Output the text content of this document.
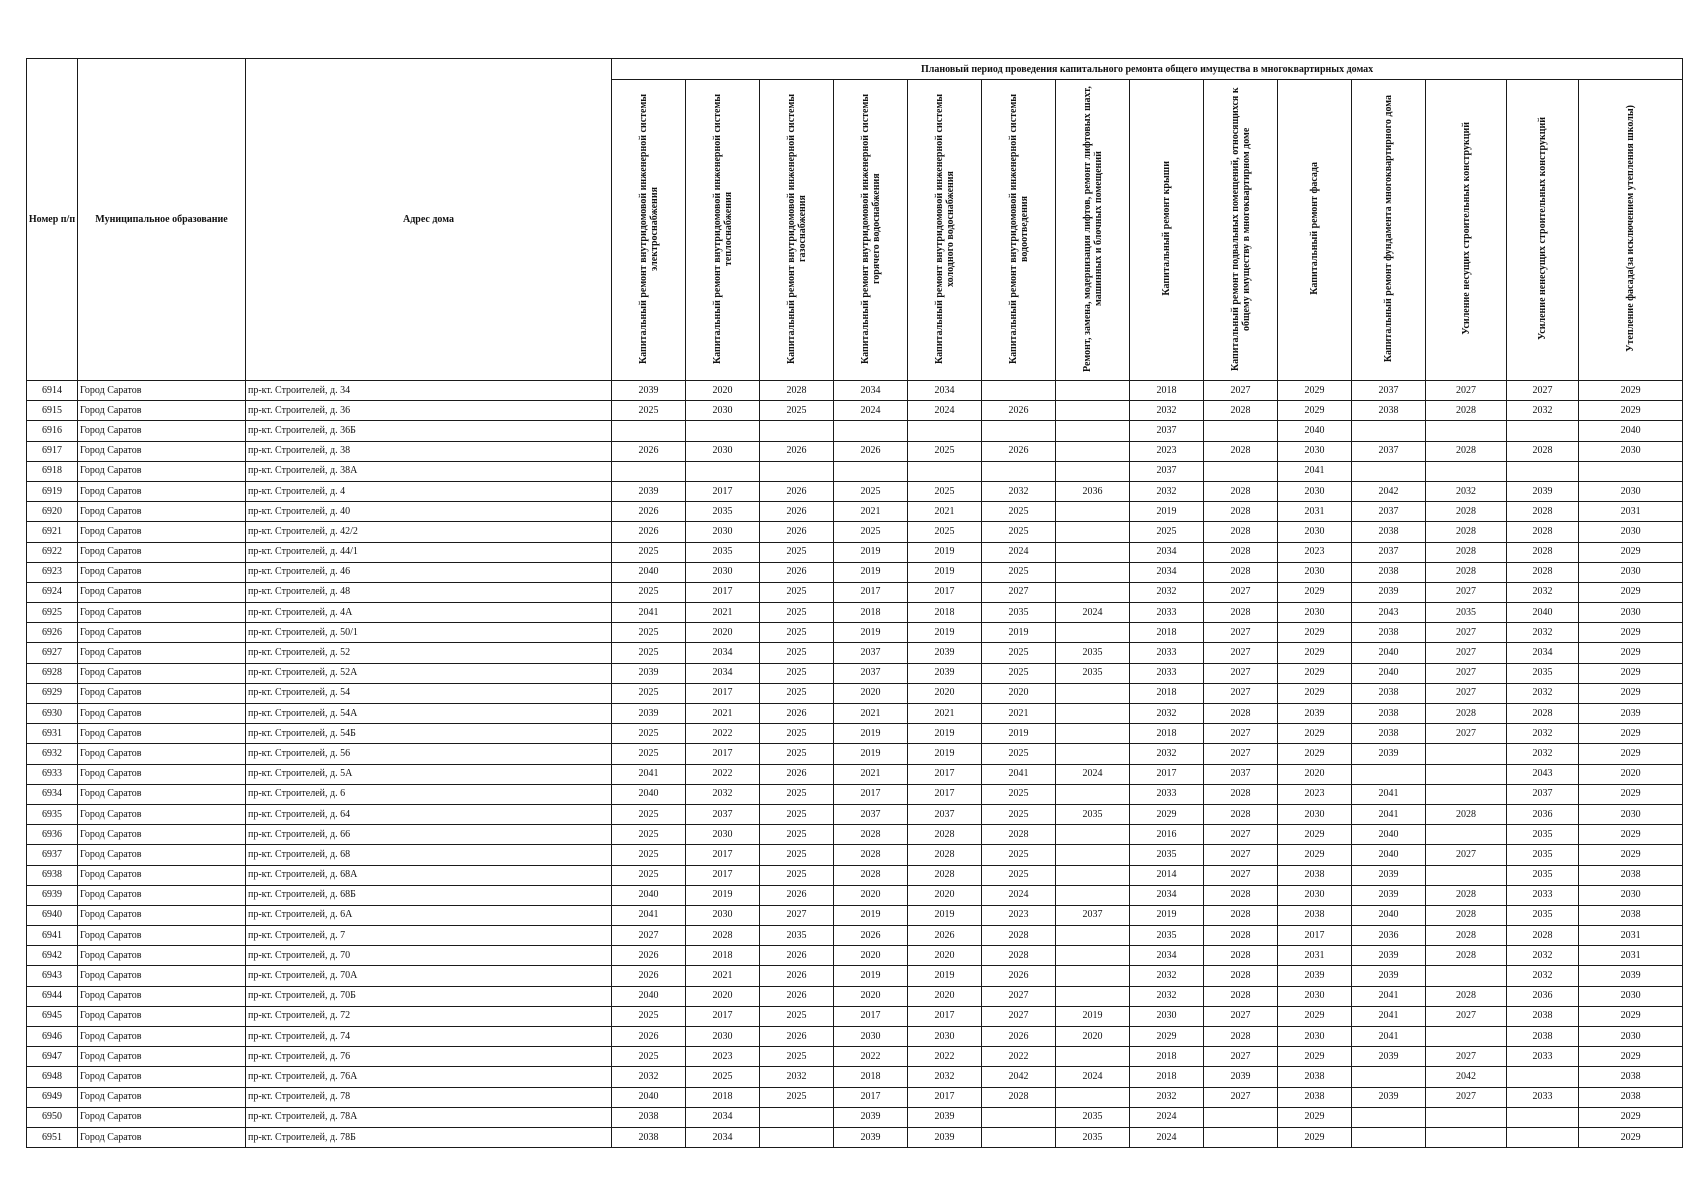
Номер п/п	Муниципальное образование	Адрес дома	Плановый период проведения капитального ремонта общего имущества в многоквартирных домах													
			Капитальный ремонт внутридомовой инженерной системы электроснабжения	Капитальный ремонт внутридомовой инженерной системы теплоснабжения	Капитальный ремонт внутридомовой инженерной системы газоснабжения	Капитальный ремонт внутридомовой инженерной системы горячего водоснабжения	Капитальный ремонт внутридомовой инженерной системы холодного водоснабжения	Капитальный ремонт внутридомовой инженерной системы водоотведения	Ремонт, замена, модернизация лифтов, ремонт лифтовых шахт, машинных и блочных помещений	Капитальный ремонт крыши	Капитальный ремонт подвальных помещений, относящихся к общему имуществу в многоквартирном доме	Капитальный ремонт фасада	Капитальный ремонт фундамента многоквартирного дома	Усиление несущих строительных конструкций	Усиление ненесущих строительных конструкций	Утепление фасада(за исключением утепления школы)
6914	Город Саратов	пр-кт. Строителей, д. 34	2039	2020	2028	2034	2034			2018	2027	2029	2037	2027	2027	2029
6915	Город Саратов	пр-кт. Строителей, д. 36	2025	2030	2025	2024	2024	2026		2032	2028	2029	2038	2028	2032	2029
6916	Город Саратов	пр-кт. Строителей, д. 36Б								2037		2040				2040
6917	Город Саратов	пр-кт. Строителей, д. 38	2026	2030	2026	2026	2025	2026		2023	2028	2030	2037	2028	2028	2030
6918	Город Саратов	пр-кт. Строителей, д. 38А								2037		2041				
6919	Город Саратов	пр-кт. Строителей, д. 4	2039	2017	2026	2025	2025	2032	2036	2032	2028	2030	2042	2032	2039	2030
6920	Город Саратов	пр-кт. Строителей, д. 40	2026	2035	2026	2021	2021	2025		2019	2028	2031	2037	2028	2028	2031
6921	Город Саратов	пр-кт. Строителей, д. 42/2	2026	2030	2026	2025	2025	2025		2025	2028	2030	2038	2028	2028	2030
6922	Город Саратов	пр-кт. Строителей, д. 44/1	2025	2035	2025	2019	2019	2024		2034	2028	2023	2037	2028	2028	2029
6923	Город Саратов	пр-кт. Строителей, д. 46	2040	2030	2026	2019	2019	2025		2034	2028	2030	2038	2028	2028	2030
6924	Город Саратов	пр-кт. Строителей, д. 48	2025	2017	2025	2017	2017	2027		2032	2027	2029	2039	2027	2032	2029
6925	Город Саратов	пр-кт. Строителей, д. 4А	2041	2021	2025	2018	2018	2035	2024	2033	2028	2030	2043	2035	2040	2030
6926	Город Саратов	пр-кт. Строителей, д. 50/1	2025	2020	2025	2019	2019	2019		2018	2027	2029	2038	2027	2032	2029
6927	Город Саратов	пр-кт. Строителей, д. 52	2025	2034	2025	2037	2039	2025	2035	2033	2027	2029	2040	2027	2034	2029
6928	Город Саратов	пр-кт. Строителей, д. 52А	2039	2034	2025	2037	2039	2025	2035	2033	2027	2029	2040	2027	2035	2029
6929	Город Саратов	пр-кт. Строителей, д. 54	2025	2017	2025	2020	2020	2020		2018	2027	2029	2038	2027	2032	2029
6930	Город Саратов	пр-кт. Строителей, д. 54А	2039	2021	2026	2021	2021	2021		2032	2028	2039	2038	2028	2028	2039
6931	Город Саратов	пр-кт. Строителей, д. 54Б	2025	2022	2025	2019	2019	2019		2018	2027	2029	2038	2027	2032	2029
6932	Город Саратов	пр-кт. Строителей, д. 56	2025	2017	2025	2019	2019	2025		2032	2027	2029	2039		2032	2029
6933	Город Саратов	пр-кт. Строителей, д. 5А	2041	2022	2026	2021	2017	2041	2024	2017	2037	2020			2043	2020
6934	Город Саратов	пр-кт. Строителей, д. 6	2040	2032	2025	2017	2017	2025		2033	2028	2023	2041		2037	2029
6935	Город Саратов	пр-кт. Строителей, д. 64	2025	2037	2025	2037	2037	2025	2035	2029	2028	2030	2041	2028	2036	2030
6936	Город Саратов	пр-кт. Строителей, д. 66	2025	2030	2025	2028	2028	2028		2016	2027	2029	2040		2035	2029
6937	Город Саратов	пр-кт. Строителей, д. 68	2025	2017	2025	2028	2028	2025		2035	2027	2029	2040	2027	2035	2029
6938	Город Саратов	пр-кт. Строителей, д. 68А	2025	2017	2025	2028	2028	2025		2014	2027	2038	2039		2035	2038
6939	Город Саратов	пр-кт. Строителей, д. 68Б	2040	2019	2026	2020	2020	2024		2034	2028	2030	2039	2028	2033	2030
6940	Город Саратов	пр-кт. Строителей, д. 6А	2041	2030	2027	2019	2019	2023	2037	2019	2028	2038	2040	2028	2035	2038
6941	Город Саратов	пр-кт. Строителей, д. 7	2027	2028	2035	2026	2026	2028		2035	2028	2017	2036	2028	2028	2031
6942	Город Саратов	пр-кт. Строителей, д. 70	2026	2018	2026	2020	2020	2028		2034	2028	2031	2039	2028	2032	2031
6943	Город Саратов	пр-кт. Строителей, д. 70А	2026	2021	2026	2019	2019	2026		2032	2028	2039	2039		2032	2039
6944	Город Саратов	пр-кт. Строителей, д. 70Б	2040	2020	2026	2020	2020	2027		2032	2028	2030	2041	2028	2036	2030
6945	Город Саратов	пр-кт. Строителей, д. 72	2025	2017	2025	2017	2017	2027	2019	2030	2027	2029	2041	2027	2038	2029
6946	Город Саратов	пр-кт. Строителей, д. 74	2026	2030	2026	2030	2030	2026	2020	2029	2028	2030	2041		2038	2030
6947	Город Саратов	пр-кт. Строителей, д. 76	2025	2023	2025	2022	2022	2022		2018	2027	2029	2039	2027	2033	2029
6948	Город Саратов	пр-кт. Строителей, д. 76А	2032	2025	2032	2018	2032	2042	2024	2018	2039	2038		2042		2038
6949	Город Саратов	пр-кт. Строителей, д. 78	2040	2018	2025	2017	2017	2028		2032	2027	2038	2039	2027	2033	2038
6950	Город Саратов	пр-кт. Строителей, д. 78А	2038	2034		2039	2039		2035	2024		2029				2029
6951	Город Саратов	пр-кт. Строителей, д. 78Б	2038	2034		2039	2039		2035	2024		2029				2029
